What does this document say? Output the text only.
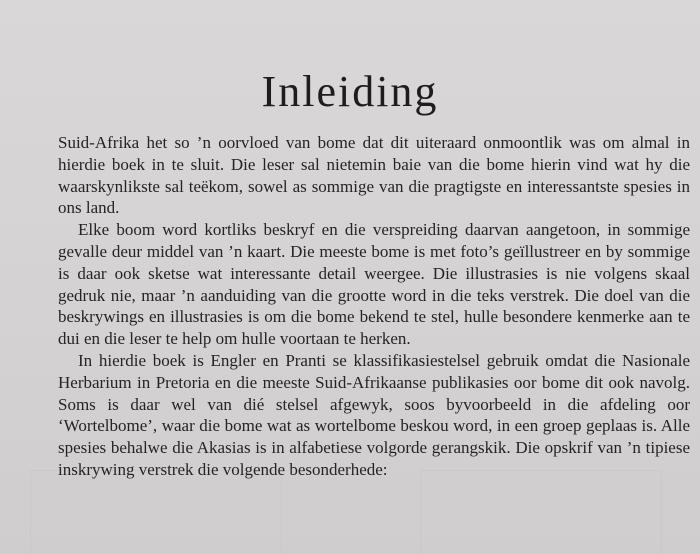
Inleiding

Suid-Afrika het so ’n oorvloed van bome dat dit uiteraard onmoontlik was om almal in hierdie boek in te sluit. Die leser sal nietemin baie van die bome hierin vind wat hy die waarskynlikste sal teëkom, sowel as sommige van die pragtigste en interessantste spesies in ons land.

Elke boom word kortliks beskryf en die verspreiding daarvan aangetoon, in sommige gevalle deur middel van ’n kaart. Die meeste bome is met foto’s geïllustreer en by sommige is daar ook sketse wat interessante detail weergee. Die illustrasies is nie volgens skaal gedruk nie, maar ’n aanduiding van die grootte word in die teks verstrek. Die doel van die beskrywings en illustrasies is om die bome bekend te stel, hulle besondere kenmerke aan te dui en die leser te help om hulle voortaan te herken.

In hierdie boek is Engler en Pranti se klassifikasiestelsel gebruik omdat die Nasionale Herbarium in Pretoria en die meeste Suid-Afrikaanse publikasies oor bome dit ook navolg. Soms is daar wel van dié stelsel afgewyk, soos byvoorbeeld in die afdeling oor ‘Wortelbome’, waar die bome wat as wortelbome beskou word, in een groep geplaas is. Alle spesies behalwe die Akasias is in alfabetiese volgorde gerangskik. Die opskrif van ’n tipiese inskrywing verstrek die volgende besonderhede:
